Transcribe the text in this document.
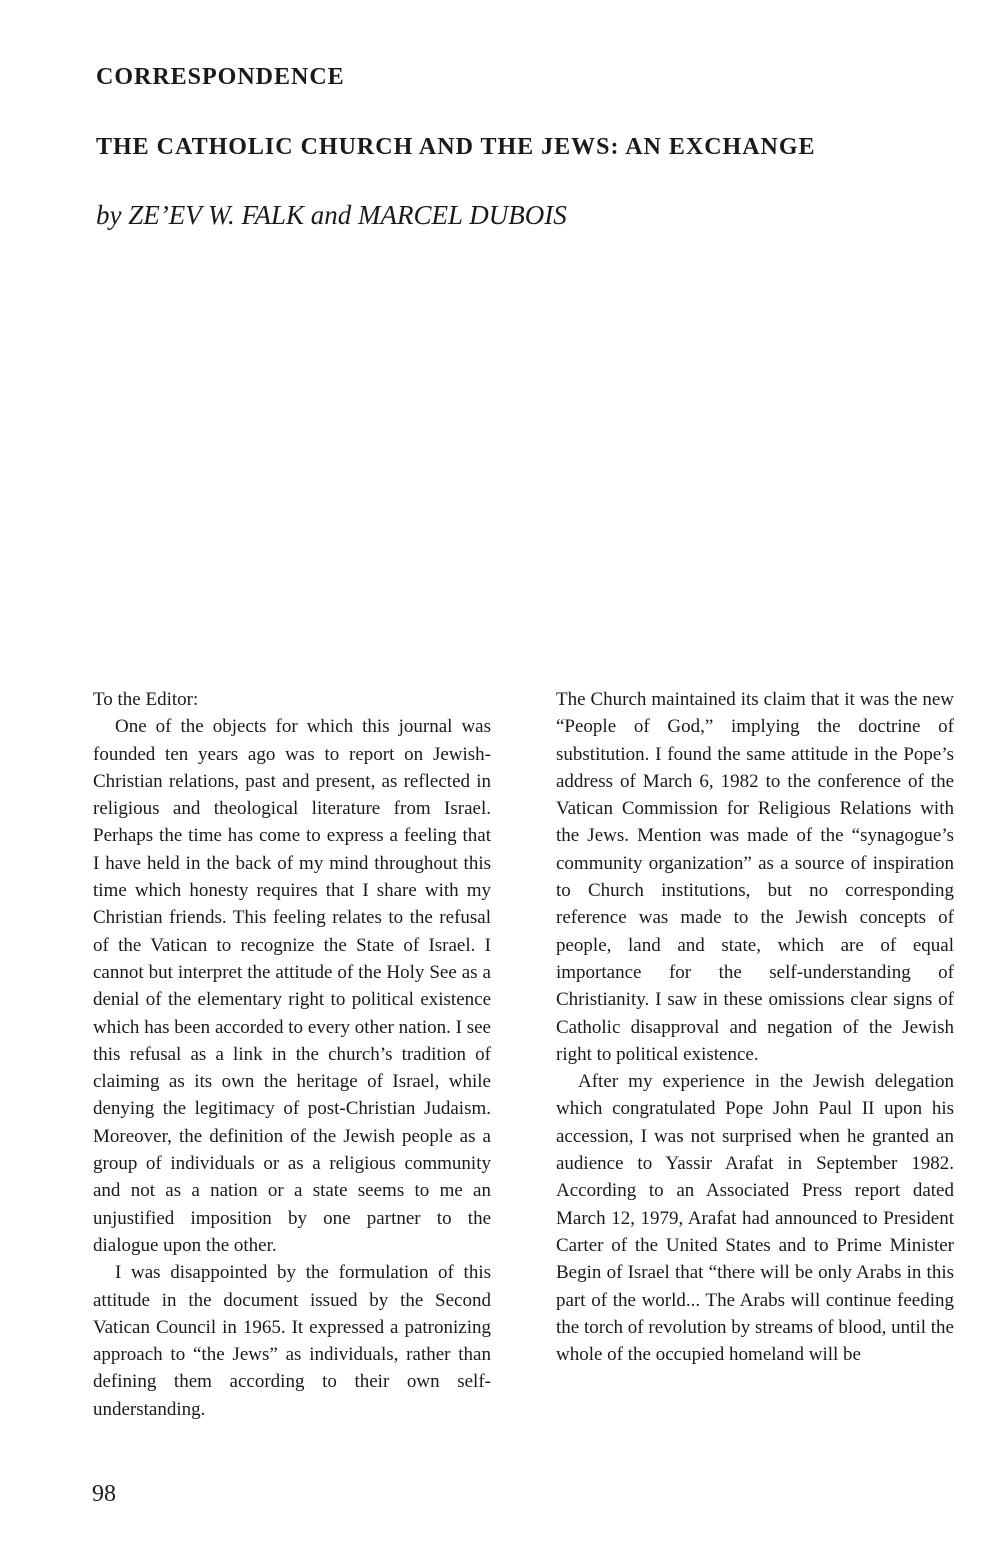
CORRESPONDENCE
THE CATHOLIC CHURCH AND THE JEWS: AN EXCHANGE

by ZE’EV W. FALK and MARCEL DUBOIS

To the Editor:

One of the objects for which this journal was founded ten years ago was to report on Jewish-Christian relations, past and present, as reflected in religious and theological literature from Israel. Perhaps the time has come to express a feeling that I have held in the back of my mind throughout this time which honesty requires that I share with my Christian friends. This feeling relates to the refusal of the Vatican to recognize the State of Israel. I cannot but interpret the attitude of the Holy See as a denial of the elementary right to political existence which has been accorded to every other nation. I see this refusal as a link in the church’s tradition of claiming as its own the heritage of Israel, while denying the legitimacy of post-Christian Judaism. Moreover, the definition of the Jewish people as a group of individuals or as a religious community and not as a nation or a state seems to me an unjustified imposition by one partner to the dialogue upon the other.

I was disappointed by the formulation of this attitude in the document issued by the Second Vatican Council in 1965. It expressed a patronizing approach to “the Jews” as individuals, rather than defining them according to their own self-understanding.

The Church maintained its claim that it was the new “People of God,” implying the doctrine of substitution. I found the same attitude in the Pope’s address of March 6, 1982 to the conference of the Vatican Commission for Religious Relations with the Jews. Mention was made of the “synagogue’s community organization” as a source of inspiration to Church institutions, but no corresponding reference was made to the Jewish concepts of people, land and state, which are of equal importance for the self-understanding of Christianity. I saw in these omissions clear signs of Catholic disapproval and negation of the Jewish right to political existence.

After my experience in the Jewish delegation which congratulated Pope John Paul II upon his accession, I was not surprised when he granted an audience to Yassir Arafat in September 1982. According to an Associated Press report dated March 12, 1979, Arafat had announced to President Carter of the United States and to Prime Minister Begin of Israel that “there will be only Arabs in this part of the world... The Arabs will continue feeding the torch of revolution by streams of blood, until the whole of the occupied homeland will be

98
